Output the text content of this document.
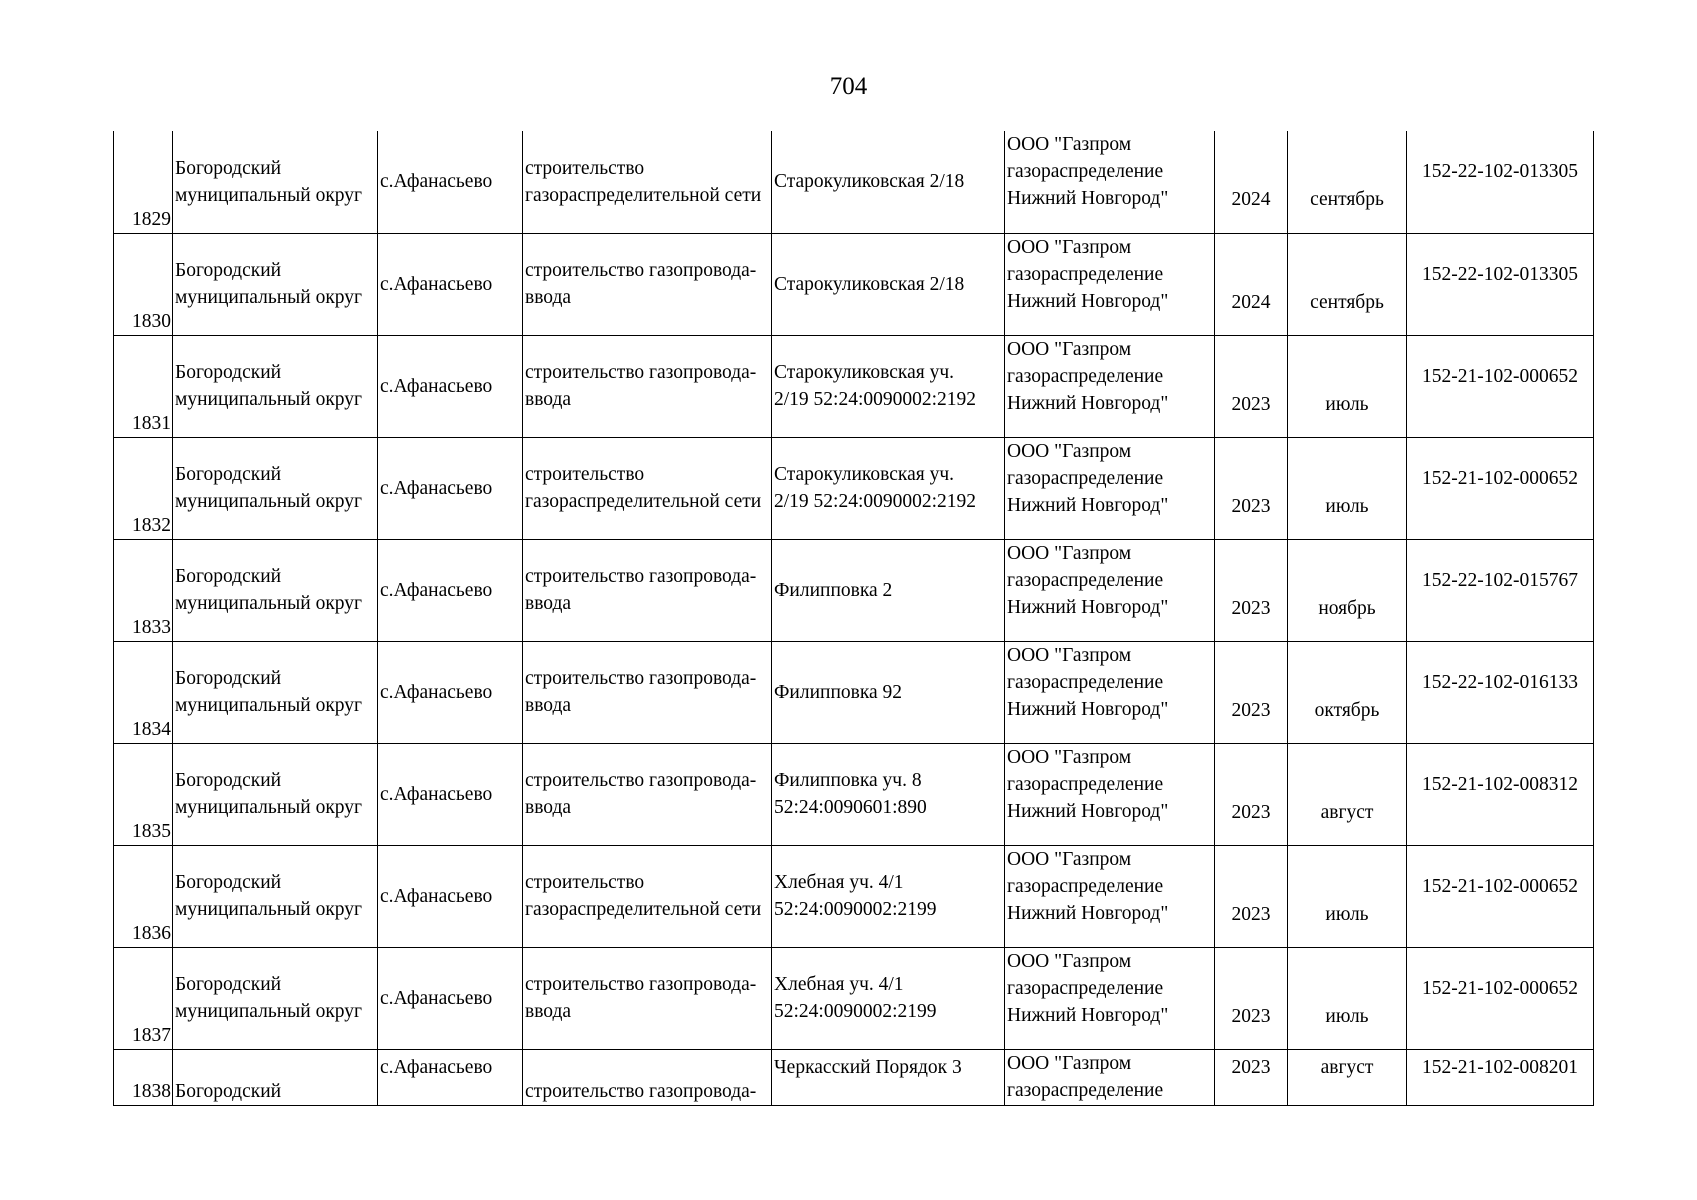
704
1829	Богородский
муниципальный округ	с.Афанасьево	строительство
газораспределительной сети	Старокуликовская 2/18	ООО "Газпром
газораспределение
Нижний Новгород"	2024	сентябрь	152-22-102-013305
1830	Богородский
муниципальный округ	с.Афанасьево	строительство газопровода-
ввода	Старокуликовская 2/18	ООО "Газпром
газораспределение
Нижний Новгород"	2024	сентябрь	152-22-102-013305
1831	Богородский
муниципальный округ	с.Афанасьево	строительство газопровода-
ввода	Старокуликовская уч.
2/19 52:24:0090002:2192	ООО "Газпром
газораспределение
Нижний Новгород"	2023	июль	152-21-102-000652
1832	Богородский
муниципальный округ	с.Афанасьево	строительство
газораспределительной сети	Старокуликовская уч.
2/19 52:24:0090002:2192	ООО "Газпром
газораспределение
Нижний Новгород"	2023	июль	152-21-102-000652
1833	Богородский
муниципальный округ	с.Афанасьево	строительство газопровода-
ввода	Филипповка 2	ООО "Газпром
газораспределение
Нижний Новгород"	2023	ноябрь	152-22-102-015767
1834	Богородский
муниципальный округ	с.Афанасьево	строительство газопровода-
ввода	Филипповка 92	ООО "Газпром
газораспределение
Нижний Новгород"	2023	октябрь	152-22-102-016133
1835	Богородский
муниципальный округ	с.Афанасьево	строительство газопровода-
ввода	Филипповка уч. 8
52:24:0090601:890	ООО "Газпром
газораспределение
Нижний Новгород"	2023	август	152-21-102-008312
1836	Богородский
муниципальный округ	с.Афанасьево	строительство
газораспределительной сети	Хлебная уч. 4/1
52:24:0090002:2199	ООО "Газпром
газораспределение
Нижний Новгород"	2023	июль	152-21-102-000652
1837	Богородский
муниципальный округ	с.Афанасьево	строительство газопровода-
ввода	Хлебная уч. 4/1
52:24:0090002:2199	ООО "Газпром
газораспределение
Нижний Новгород"	2023	июль	152-21-102-000652
1838	Богородский	с.Афанасьево	строительство газопровода-	Черкасский Порядок 3	ООО "Газпром
газораспределение	2023	август	152-21-102-008201
